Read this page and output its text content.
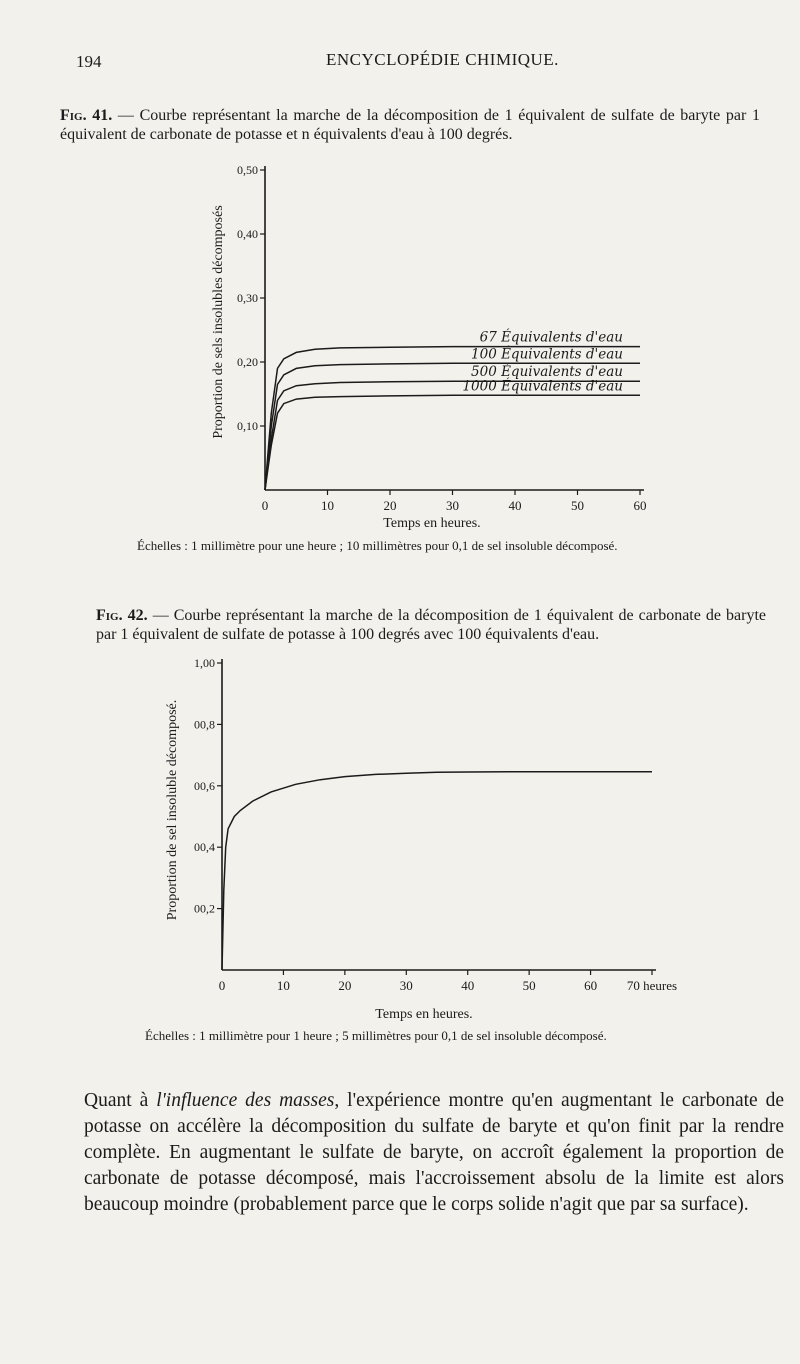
194	ENCYCLOPÉDIE CHIMIQUE.
Fig. 41. — Courbe représentant la marche de la décomposition de 1 équivalent de sulfate de baryte par 1 équivalent de carbonate de potasse et n équivalents d'eau à 100 degrés.
Proportion de sels insolubles décomposés
Temps en heures.
0,10
0,20
0,30
0,40
0,50
0	10	20	30	40	50	60
67 Équivalents d'eau
100 Équivalents d'eau
500 Équivalents d'eau
1000 Équivalents d'eau
Échelles : 1 millimètre pour une heure ; 10 millimètres pour 0,1 de sel insoluble décomposé.
Fig. 42. — Courbe représentant la marche de la décomposition de 1 équivalent de carbonate de baryte par 1 équivalent de sulfate de potasse à 100 degrés avec 100 équivalents d'eau.
Proportion de sel insoluble décomposé.
Temps en heures.
00,2
00,4
00,6
00,8
1,00
0	10	20	30	40	50	60 70 heures
Échelles : 1 millimètre pour 1 heure ; 5 millimètres pour 0,1 de sel insoluble décomposé.
Quant à l'influence des masses, l'expérience montre qu'en augmentant le carbonate de potasse on accélère la décomposition du sulfate de baryte et qu'on finit par la rendre complète. En augmentant le sulfate de baryte, on accroît également la proportion de carbonate de potasse décomposé, mais l'accroissement absolu de la limite est alors beaucoup moindre (probablement parce que le corps solide n'agit que par sa surface).
